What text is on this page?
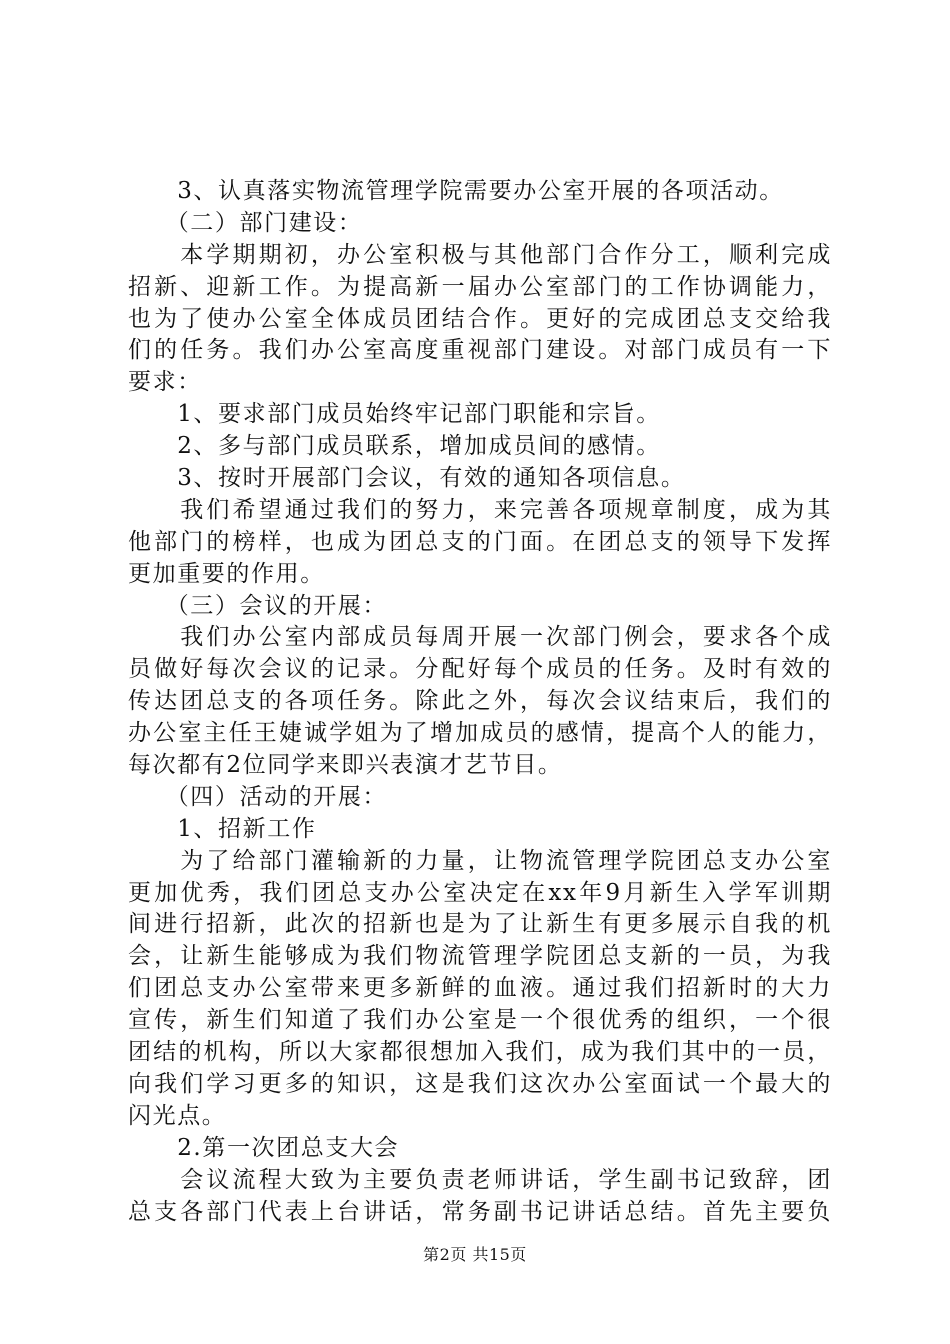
　　3、认真落实物流管理学院需要办公室开展的各项活动。
　　（二）部门建设：
　　本学期期初，办公室积极与其他部门合作分工，顺利完成
招新、迎新工作。为提高新一届办公室部门的工作协调能力，
也为了使办公室全体成员团结合作。更好的完成团总支交给我
们的任务。我们办公室高度重视部门建设。对部门成员有一下
要求：
　　1、要求部门成员始终牢记部门职能和宗旨。
　　2、多与部门成员联系，增加成员间的感情。
　　3、按时开展部门会议，有效的通知各项信息。
　　我们希望通过我们的努力，来完善各项规章制度，成为其
他部门的榜样，也成为团总支的门面。在团总支的领导下发挥
更加重要的作用。
　　（三）会议的开展：
　　我们办公室内部成员每周开展一次部门例会，要求各个成
员做好每次会议的记录。分配好每个成员的任务。及时有效的
传达团总支的各项任务。除此之外，每次会议结束后，我们的
办公室主任王婕诚学姐为了增加成员的感情，提高个人的能力，
每次都有2位同学来即兴表演才艺节目。
　　（四）活动的开展：
　　1、招新工作
　　为了给部门灌输新的力量，让物流管理学院团总支办公室
更加优秀，我们团总支办公室决定在xx年9月新生入学军训期
间进行招新，此次的招新也是为了让新生有更多展示自我的机
会，让新生能够成为我们物流管理学院团总支新的一员，为我
们团总支办公室带来更多新鲜的血液。通过我们招新时的大力
宣传，新生们知道了我们办公室是一个很优秀的组织，一个很
团结的机构，所以大家都很想加入我们，成为我们其中的一员，
向我们学习更多的知识，这是我们这次办公室面试一个最大的
闪光点。
　　2.第一次团总支大会
　　会议流程大致为主要负责老师讲话，学生副书记致辞，团
总支各部门代表上台讲话，常务副书记讲话总结。首先主要负
第2页 共15页
